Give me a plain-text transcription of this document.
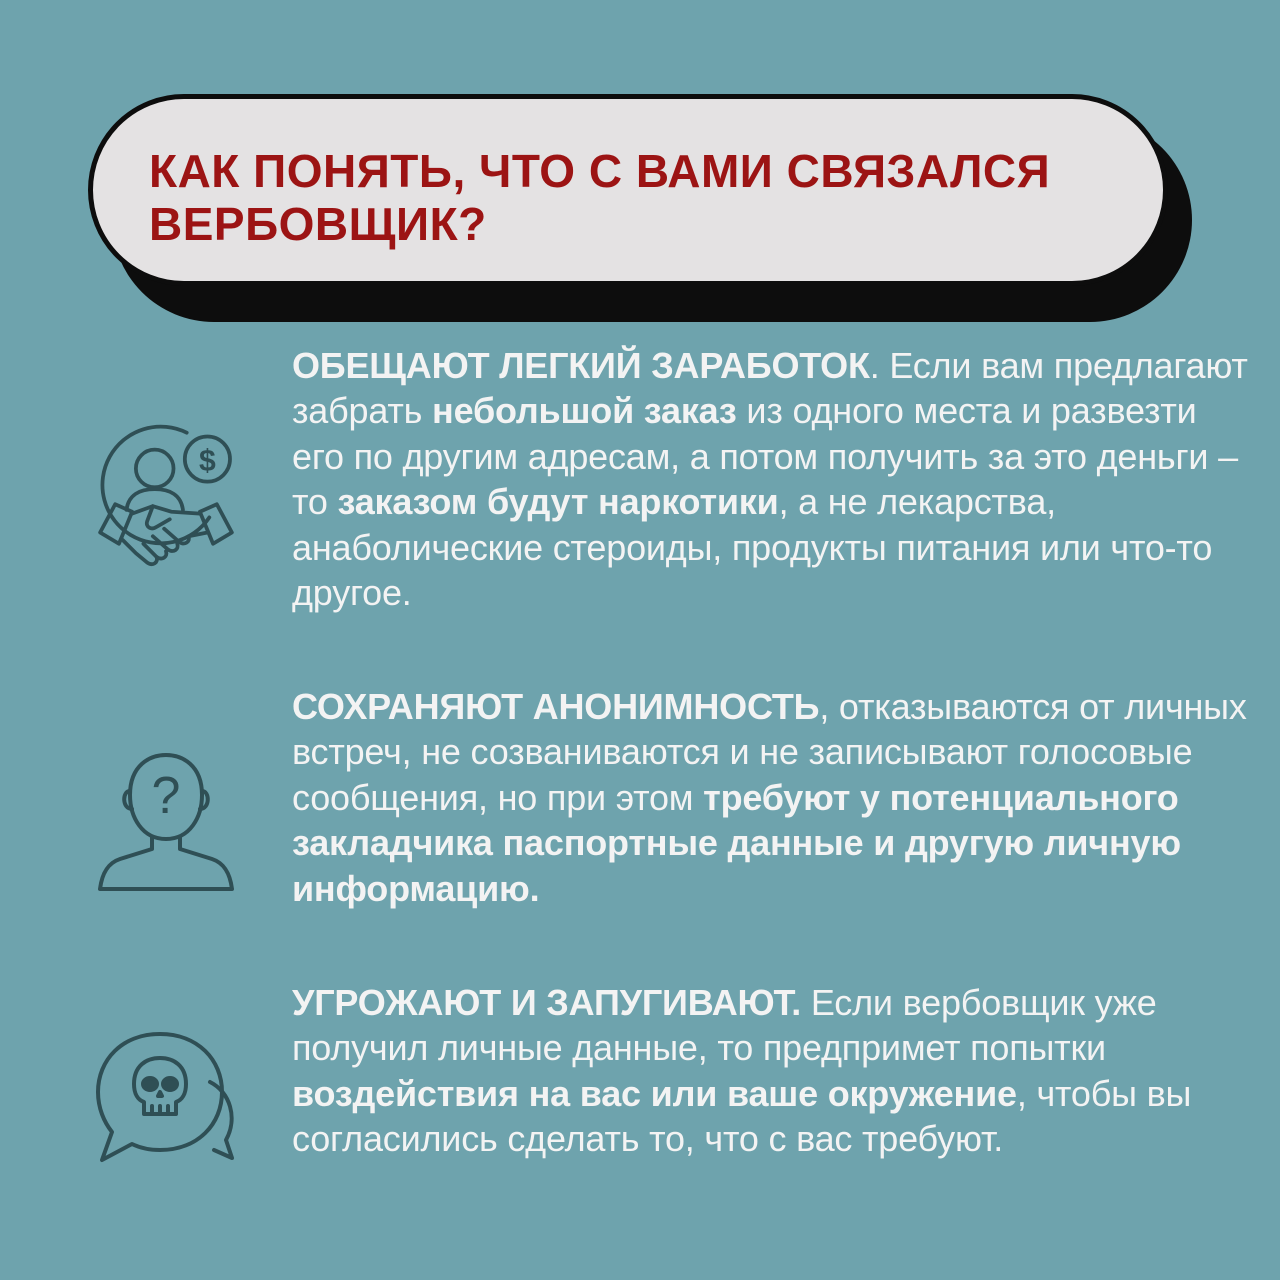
КАК ПОНЯТЬ, ЧТО С ВАМИ СВЯЗАЛСЯ
ВЕРБОВЩИК?
$

ОБЕЩАЮТ ЛЕГКИЙ ЗАРАБОТОК. Если вам предлагают забрать небольшой заказ из одного места и развезти его по другим адресам, а потом получить за это деньги – то заказом будут наркотики, а не лекарства, анаболические стероиды, продукты питания или что-то другое.

?

СОХРАНЯЮТ АНОНИМНОСТЬ, отказываются от личных встреч, не созваниваются и не записывают голосовые сообщения, но при этом требуют у потенциального закладчика паспортные данные и другую личную информацию.

УГРОЖАЮТ И ЗАПУГИВАЮТ. Если вербовщик уже получил личные данные, то предпримет попытки воздействия на вас или ваше окружение, чтобы вы согласились сделать то, что с вас требуют.
